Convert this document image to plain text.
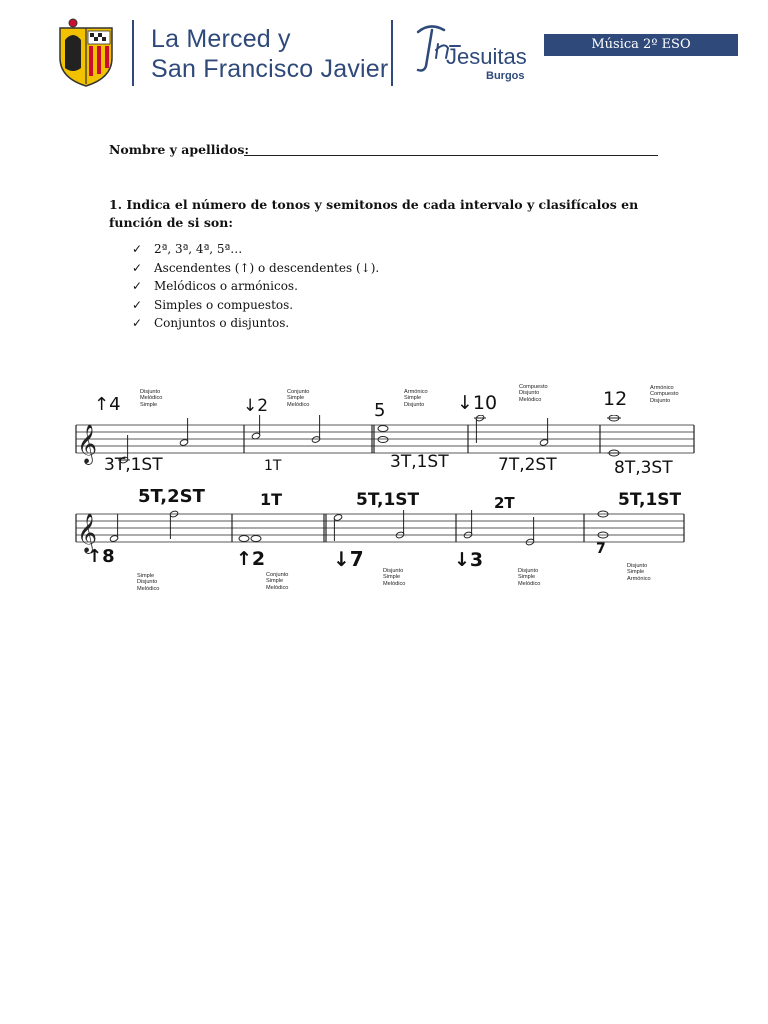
La Merced y
San Francisco Javier	Jesuitas
Burgos
Música 2º ESO
Nombre y apellidos:
1. Indica el número de tonos y semitonos de cada intervalo y clasifícalos en función de si son:
✓ 2ª, 3ª, 4ª, 5ª…
✓ Ascendentes (↑) o descendentes (↓).
✓ Melódicos o armónicos.
✓ Simples o compuestos.
✓ Conjuntos o disjuntos.
𝄞
Disjunto
Melódico
Simple
Conjunto
Simple
Melódico
Armónico
Simple
Disjunto
Compuesto
Disjunto
Melódico
Armónico
Compuesto
Disjunto
↑4	↓2	5	↓10	12
3T,1ST	1T	3T,1ST	7T,2ST	8T,3ST
𝄞
5T,2ST	1T	5T,1ST	2T	5T,1ST
↑8	↑2	↓7	↓3	7
Simple
Disjunto
Melódico
Conjunto
Simple
Melódico
Disjunto
Simple
Melódico
Disjunto
Simple
Melódico
Disjunto
Simple
Armónico
